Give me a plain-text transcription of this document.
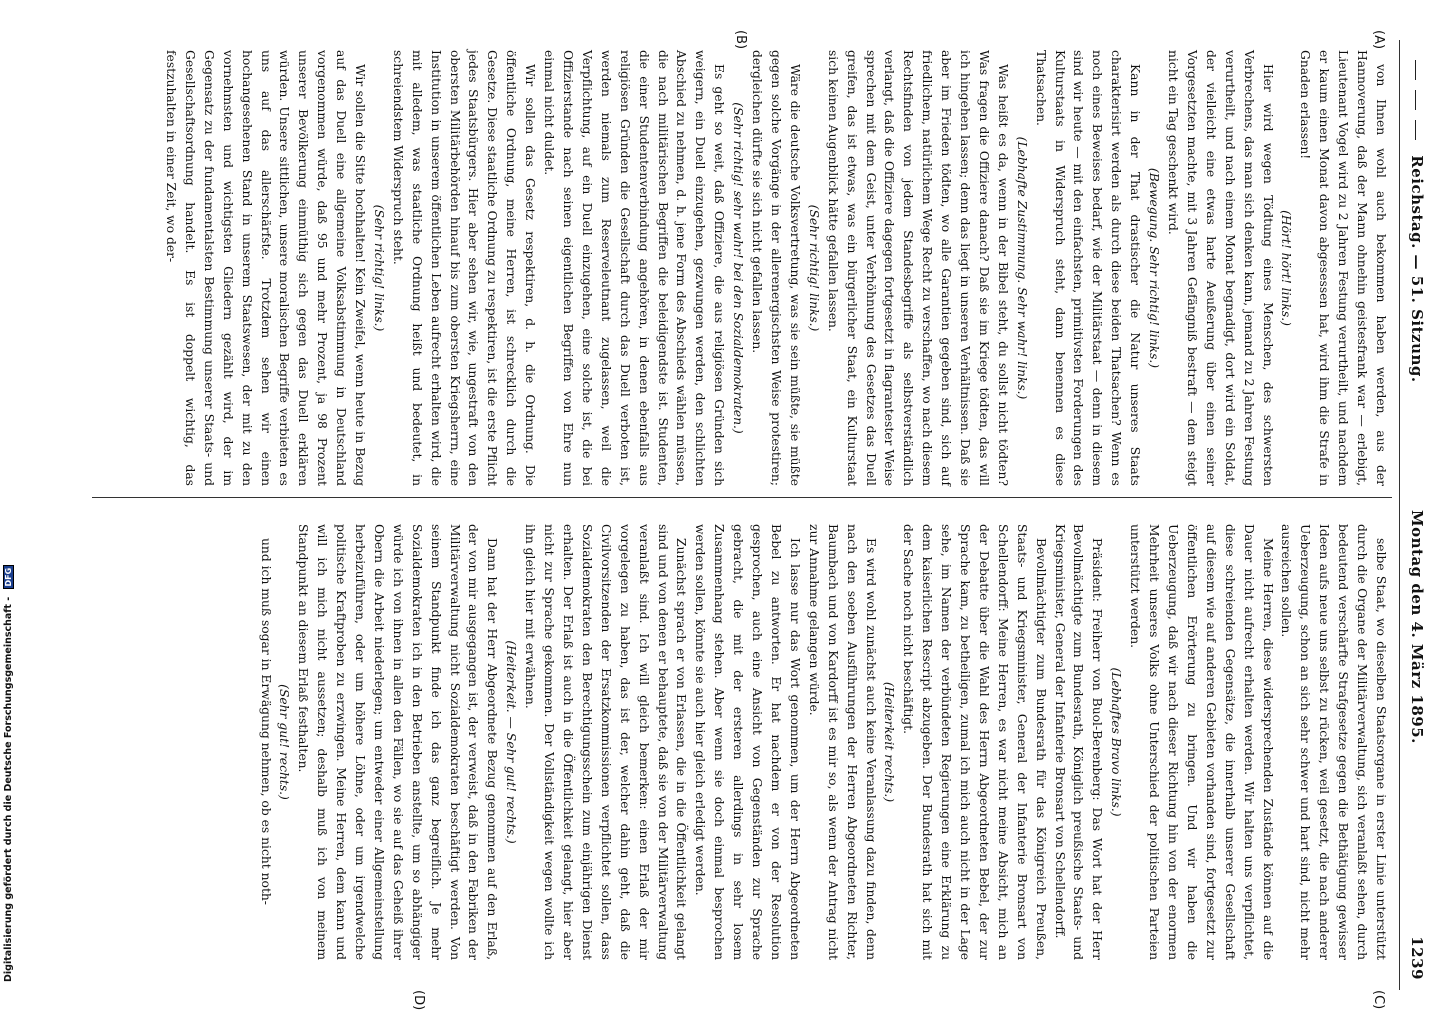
Reichstag. — 51. Sitzung.
Montag den 4. März 1895.
1239
(A)
(B)
(C)
(D)

von Ihnen wohl auch bekommen haben werden, aus der Hannoverung, daß der Mann ohnehin geistesfrank war — erlebigt, Lieutenant Vogel wird zu 2 Jahren Festung verurtheilt, und nachdem er kaum einen Monat davon abgesessen hat, wird ihm die Strafe in Gnaden erlassen!

(Hört! hört! links.)

Hier wird wegen Tödtung eines Menschen, des schwersten Verbrechens, das man sich denken kann, jemand zu 2 Jahren Festung verurtheilt, und nach einem Monat begnadigt, dort wird ein Soldat, der vielleicht eine etwas harte Aeußerung über einen seiner Vorgesetzten machte, mit 3 Jahren Gefängniß bestraft — dem steigt nicht ein Tag geschenkt wird.

(Bewegung. Sehr richtig! links.)

Kann in der That drastischer die Natur unseres Staats charakterisirt werden als durch diese beiden Thatsachen? Wenn es noch eines Beweises bedarf, wie der Militärstaat — denn in diesem sind wir heute — mit den einfachsten, primitivsten Forderungen des Kulturstaats in Widerspruch steht, dann benennen es diese Thatsachen.

(Lebhafte Zustimmung. Sehr wahr! links.)

Was heißt es da, wenn in der Bibel steht, du sollst nicht tödten? Was fragen die Offiziere danach? Daß sie im Kriege tödten, das will ich hingehen lassen; denn das liegt in unseren Verhältnissen. Daß sie aber im Frieden tödten, wo alle Garantien gegeben sind, sich auf friedlichem, natürlichem Wege Recht zu verschaffen, wo nach diesem Rechtsfinden von jedem Standesbegriffe als selbstverständlich verlangt, daß die Offiziere dagegen fortgesetzt in flagrantester Weise sprechen mit dem Geist, unter Verhöhnung des Gesetzes das Duell greifen, das ist etwas, was ein bürgerlicher Staat, ein Kulturstaat sich keinen Augenblick hätte gefallen lassen.

(Sehr richtig! links.)

Wäre die deutsche Volksvertretung, was sie sein müßte, sie müßte gegen solche Vorgänge in der allerenergischsten Weise protestiren; dergleichen dürfte sie sich nicht gefallen lassen.

(Sehr richtig! sehr wahr! bei den Sozialdemokraten.)

Es geht so weit, daß Offiziere, die aus religiösen Gründen sich weigern, ein Duell einzugehen, gezwungen werden, den schlichten Abschied zu nehmen, d. h. jene Form des Abschieds wählen müssen, die nach militärischen Begriffen die beleidigendste ist. Studenten, die einer Studentenverbindung angehören, in denen ebenfalls aus religiösen Gründen die Gesellschaft durch das Duell verboten ist, werden niemals zum Reserveleutnant zugelassen, weil die Verpflichtung, auf ein Duell einzugehen, eine solche ist, die bei Offizierstande nach seinen eigentlichen Begriffen von Ehre nun einmal nicht duldet.

Wir sollen das Gesetz respektiren, d. h. die Ordnung. Die öffentliche Ordnung, meine Herren, ist schrecklich durch die Gesetze. Diese staatliche Ordnung zu respektiren, ist die erste Pflicht jedes Staatsbürgers. Hier aber sehen wir, wie, ungestraft von den obersten Militärbehörden hinauf bis zum obersten Kriegsherrn, eine Institution in unserem öffentlichen Leben aufrecht erhalten wird, die mit alledem, was staatliche Ordnung heißt und bedeutet, in schreiendstem Widerspruch steht.

(Sehr richtig! links.)

Wir sollen die Sitte hochhalten! Kein Zweifel, wenn heute in Bezug auf das Duell eine allgemeine Volksabstimmung in Deutschland vorgenommen würde, daß 95 und mehr Prozent, ja 98 Prozent unserer Bevölkerung einmüthig sich gegen das Duell erklären würden. Unsere sittlichen, unsere moralischen Begriffe verbieten es uns auf das allerschärfste. Trotzdem sehen wir einen hochangesehenen Stand in unserem Staatswesen, der mit zu den vornehmsten und wichtigsten Gliedern gezählt wird, der im Gegensatz zu der fundamentalsten Bestimmung unserer Staats- und Gesellschaftsordnung handelt. Es ist doppelt wichtig, das festzuhalten in einer Zeit, wo der-

selbe Staat, wo dieselben Staatsorgane in erster Linie unterstützt durch die Organe der Militärverwaltung, sich veranlaßt sehen, durch bedeutend verschärfte Strafgesetze gegen die Bethätigung gewisser Ideen aufs neue uns selbst zu rücken, weil gesetzt, die nach anderer Ueberzeugung, schon an sich sehr schwer und hart sind, nicht mehr ausreichen sollen.

Meine Herren, diese widersprechenden Zustände können auf die Dauer nicht aufrecht erhalten werden. Wir halten uns verpflichtet, diese schreienden Gegensätze, die innerhalb unserer Gesellschaft auf diesem wie auf anderen Gebieten vorhanden sind, fortgesetzt zur öffentlichen Erörterung zu bringen. Und wir haben die Ueberzeugung, daß wir nach dieser Richtung hin von der enormen Mehrheit unseres Volks ohne Unterschied der politischen Parteien unterstützt werden.

(Lebhaftes Bravo links.)

Präsident: Freiherr von Buol-Berenberg: Das Wort hat der Herr Bevollmächtigte zum Bundesrath, Königlich preußische Staats- und Kriegsminister, General der Infanterie Bronsart von Schellendorff.

Bevollmächtigter zum Bundesrath für das Königreich Preußen, Staats- und Kriegsminister, General der Infanterie Bronsart von Schellendorff: Meine Herren, es war nicht meine Absicht, mich an der Debatte über die Wahl des Herrn Abgeordneten Bebel, der zur Sprache kam, zu betheiligen, zumal ich mich auch nicht in der Lage sehe, im Namen der verbündeten Regierungen eine Erklärung zu dem kaiserlichen Rescript abzugeben. Der Bundesrath hat sich mit der Sache noch nicht beschäftigt.

(Heiterkeit rechts.)

Es wird wohl zunächst auch keine Veranlassung dazu finden, denn nach den soeben Ausführungen der Herren Abgeordneten Richter, Baumbach und von Kardorff ist es mir so, als wenn der Antrag nicht zur Annahme gelangen würde.

Ich lasse nur das Wort genommen, um der Herrn Abgeordneten Bebel zu antworten. Er hat nachdem er von der Resolution gesprochen, auch eine Ansicht von Gegenständen zur Sprache gebracht, die mit der ersteren allerdings in sehr losem Zusammenhang stehen. Aber wenn sie doch einmal besprochen werden sollen, könnte sie auch hier gleich erledigt werden.

Zunächst sprach er von Erlassen, die in die Öffentlichkeit gelangt sind und von denen er behauptete, daß sie von der Militärverwaltung veranlaßt sind. Ich will gleich bemerken: einen Erlaß der mir vorgelegen zu haben, das ist der, welcher dahin geht, daß die Civilvorsitzenden der Ersatzkommissionen verpflichtet sollen, dass Sozialdemokraten den Berechtigungsschein zum einjährigen Dienst erhalten. Der Erlaß ist auch in die Öffentlichkeit gelangt, hier aber nicht zur Sprache gekommen. Der Vollständigkeit wegen wollte ich ihn gleich hier mit erwähnen.

(Heiterkeit. — Sehr gut! rechts.)

Dann hat der Herr Abgeordnete Bezug genommen auf den Erlaß, der von mir ausgegangen ist, der verweist, daß in den Fabriken der Militärverwaltung nicht Sozialdemokraten beschäftigt werden. Von seinem Standpunkt finde ich das ganz begreiflich. Je mehr Sozialdemokraten ich in den Betrieben anstellte, um so abhängiger würde ich von ihnen in allen den Fällen, wo sie auf das Geheiß ihrer Obern die Arbeit niederlegen; um entweder einer Allgemeinstellung herbeizuführen, oder um höhere Löhne, oder um irgendwelche politische Kraftproben zu erzwingen. Meine Herren, dem kann und will ich mich nicht aussetzen; deshalb muß ich von meinem Standpunkt an diesem Erlaß festhalten.

(Sehr gut! rechts.)

und ich muß sogar in Erwägung nehmen, ob es nicht noth-

Digitalisierung gefördert durch die Deutsche Forschungsgemeinschaft - DFG
